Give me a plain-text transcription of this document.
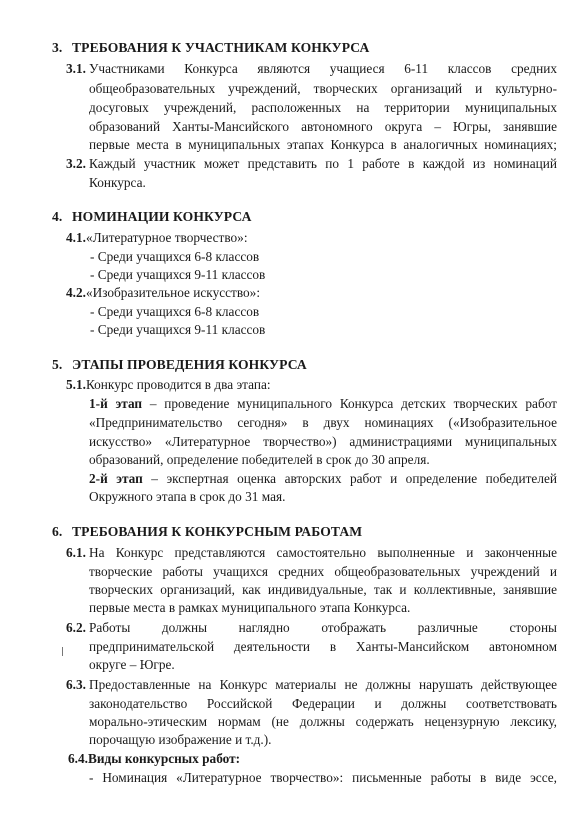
3. ТРЕБОВАНИЯ К УЧАСТНИКАМ КОНКУРСА
3.1. Участниками Конкурса являются учащиеся 6-11 классов средних
общеобразовательных учреждений, творческих организаций и культурно-
досуговых учреждений, расположенных на территории муниципальных
образований Ханты-Мансийского автономного округа – Югры, занявшие
первые места в муниципальных этапах Конкурса в аналогичных номинациях;
3.2. Каждый участник может представить по 1 работе в каждой из номинаций
Конкурса.
4. НОМИНАЦИИ КОНКУРСА
4.1.«Литературное творчество»:
- Среди учащихся 6-8 классов
- Среди учащихся 9-11 классов
4.2.«Изобразительное искусство»:
- Среди учащихся 6-8 классов
- Среди учащихся 9-11 классов
5. ЭТАПЫ ПРОВЕДЕНИЯ КОНКУРСА
5.1.Конкурс проводится в два этапа:
1-й этап – проведение муниципального Конкурса детских творческих работ
«Предпринимательство сегодня» в двух номинациях («Изобразительное
искусство» «Литературное творчество») администрациями муниципальных
образований, определение победителей в срок до 30 апреля.
2-й этап – экспертная оценка авторских работ и определение победителей
Окружного этапа в срок до 31 мая.
6. ТРЕБОВАНИЯ К КОНКУРСНЫМ РАБОТАМ
6.1. На Конкурс представляются самостоятельно выполненные и законченные
творческие работы учащихся средних общеобразовательных учреждений и
творческих организаций, как индивидуальные, так и коллективные, занявшие
первые места в рамках муниципального этапа Конкурса.
6.2. Работы должны наглядно отображать различные стороны
предпринимательской деятельности в Ханты-Мансийском автономном
округе – Югре.
6.3. Предоставленные на Конкурс материалы не должны нарушать действующее
законодательство Российской Федерации и должны соответствовать
морально-этическим нормам (не должны содержать нецензурную лексику,
порочащую изображение и т.д.).
6.4.Виды конкурсных работ:
- Номинация «Литературное творчество»: письменные работы в виде эссе,
